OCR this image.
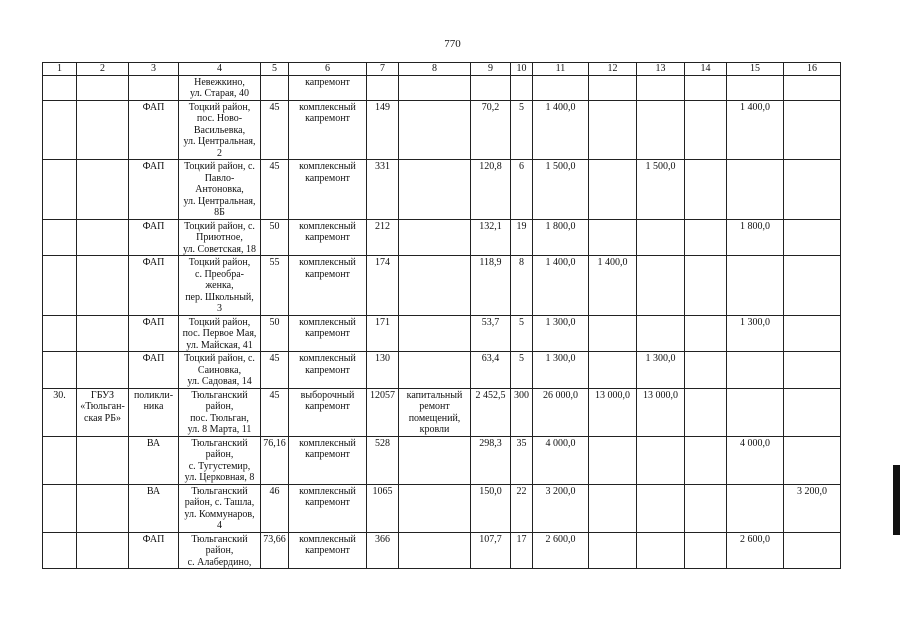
770
1	2	3	4	5	6	7	8	9	10	11	12	13	14	15	16
			Невежкино,
ул. Старая, 40		капремонт										
		ФАП	Тоцкий район,
пос. Ново-
Васильевка,
ул. Центральная,
2	45	комплексный
капремонт	149		70,2	5	1 400,0				1 400,0	
		ФАП	Тоцкий район, с.
Павло-
Антоновка,
ул. Центральная,
8Б	45	комплексный
капремонт	331		120,8	6	1 500,0		1 500,0			
		ФАП	Тоцкий район, с.
Приютное,
ул. Советская, 18	50	комплексный
капремонт	212		132,1	19	1 800,0				1 800,0	
		ФАП	Тоцкий район,
с. Преобра-
женка,
пер. Школьный,
3	55	комплексный
капремонт	174		118,9	8	1 400,0	1 400,0				
		ФАП	Тоцкий район,
пос. Первое Мая,
ул. Майская, 41	50	комплексный
капремонт	171		53,7	5	1 300,0				1 300,0	
		ФАП	Тоцкий район, с.
Саиновка,
ул. Садовая, 14	45	комплексный
капремонт	130		63,4	5	1 300,0		1 300,0			
30.	ГБУЗ
«Тюльган-
ская РБ»	поликли-
ника	Тюльганский
район,
пос. Тюльган,
ул. 8 Марта, 11	45	выборочный
капремонт	12057	капитальный
ремонт
помещений,
кровли	2 452,5	300	26 000,0	13 000,0	13 000,0			
		ВА	Тюльганский
район,
с. Тугустемир,
ул. Церковная, 8	76,16	комплексный
капремонт	528		298,3	35	4 000,0				4 000,0	
		ВА	Тюльганский
район, с. Ташла,
ул. Коммунаров,
4	46	комплексный
капремонт	1065		150,0	22	3 200,0					3 200,0
		ФАП	Тюльганский
район,
с. Алабердино,	73,66	комплексный
капремонт	366		107,7	17	2 600,0				2 600,0	
